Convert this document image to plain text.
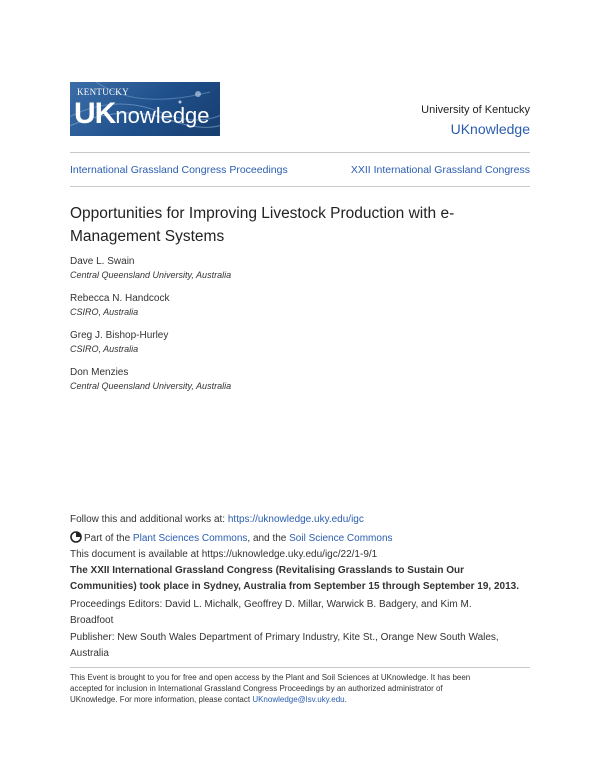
KENTUCKY
UKnowledge	University of Kentucky
UKnowledge
International Grassland Congress Proceedings	XXII International Grassland Congress
Opportunities for Improving Livestock Production with e-Management Systems
Dave L. Swain
Central Queensland University, Australia
Rebecca N. Handcock
CSIRO, Australia
Greg J. Bishop-Hurley
CSIRO, Australia
Don Menzies
Central Queensland University, Australia
Follow this and additional works at: https://uknowledge.uky.edu/igc
Part of the Plant Sciences Commons, and the Soil Science Commons
This document is available at https://uknowledge.uky.edu/igc/22/1-9/1
The XXII International Grassland Congress (Revitalising Grasslands to Sustain Our
Communities) took place in Sydney, Australia from September 15 through September 19, 2013.
Proceedings Editors: David L. Michalk, Geoffrey D. Millar, Warwick B. Badgery, and Kim M.
Broadfoot
Publisher: New South Wales Department of Primary Industry, Kite St., Orange New South Wales,
Australia
This Event is brought to you for free and open access by the Plant and Soil Sciences at UKnowledge. It has been
accepted for inclusion in International Grassland Congress Proceedings by an authorized administrator of
UKnowledge. For more information, please contact UKnowledge@lsv.uky.edu.
